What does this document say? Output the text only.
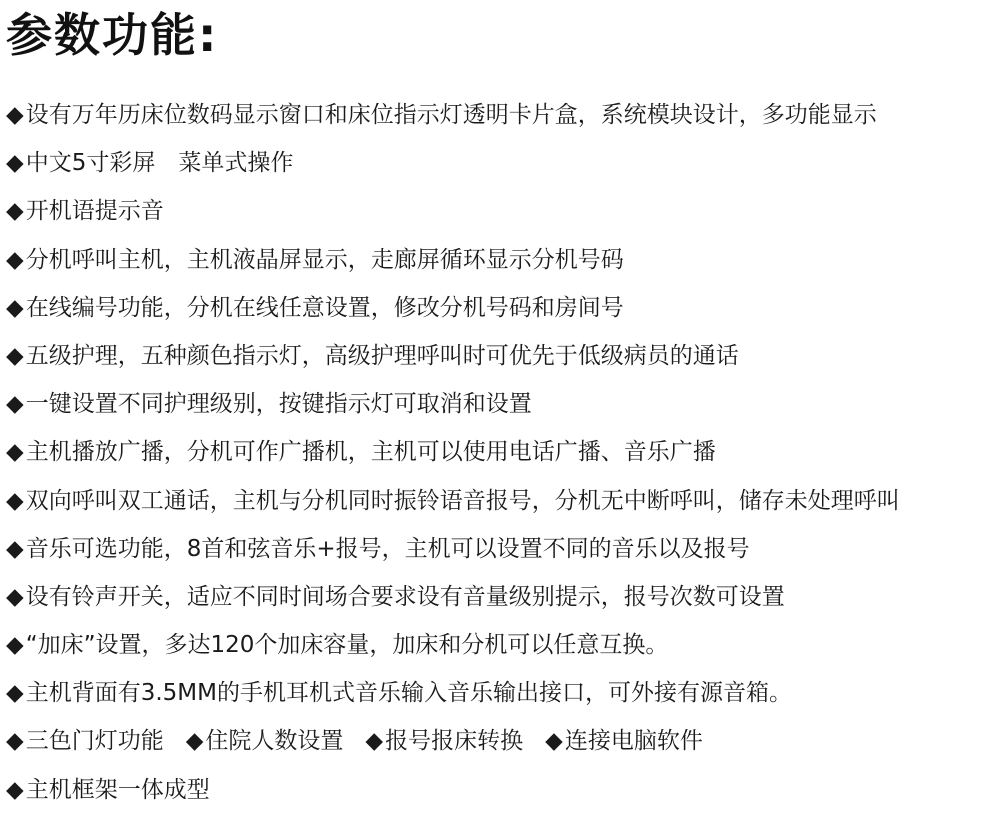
参数功能:
◆ 设有万年历床位数码显示窗口和床位指示灯透明卡片盒，系统模块设计，多功能显示
◆ 中文5寸彩屏　菜单式操作
◆ 开机语提示音
◆ 分机呼叫主机，主机液晶屏显示，走廊屏循环显示分机号码
◆ 在线编号功能，分机在线任意设置，修改分机号码和房间号
◆ 五级护理，五种颜色指示灯，高级护理呼叫时可优先于低级病员的通话
◆ 一键设置不同护理级别，按键指示灯可取消和设置
◆ 主机播放广播，分机可作广播机，主机可以使用电话广播、音乐广播
◆ 双向呼叫双工通话，主机与分机同时振铃语音报号，分机无中断呼叫，储存未处理呼叫
◆ 音乐可选功能，8首和弦音乐+报号，主机可以设置不同的音乐以及报号
◆ 设有铃声开关，适应不同时间场合要求设有音量级别提示，报号次数可设置
◆ “加床”设置，多达120个加床容量，加床和分机可以任意互换。
◆ 主机背面有3.5MM的手机耳机式音乐输入音乐输出接口，可外接有源音箱。
◆ 三色门灯功能 ◆ 住院人数设置 ◆ 报号报床转换 ◆ 连接电脑软件
◆ 主机框架一体成型
